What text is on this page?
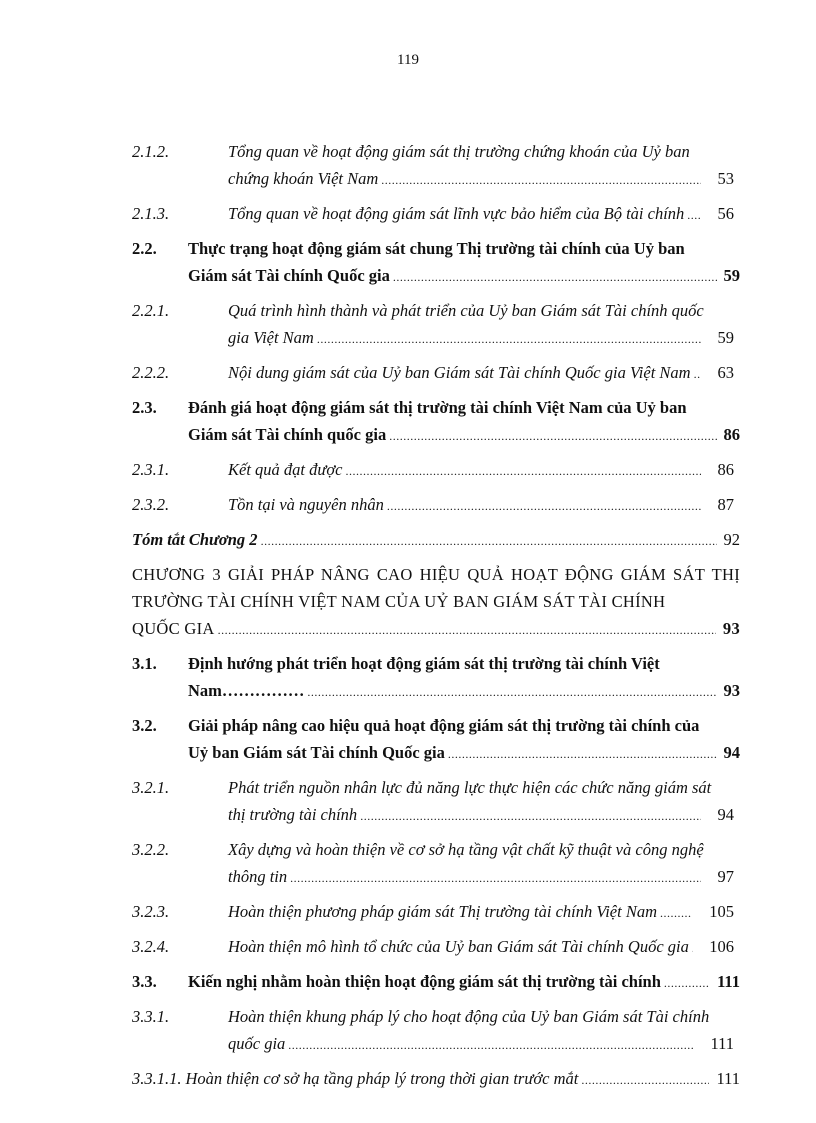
119
2.1.2.	Tổng quan về hoạt động giám sát thị trường chứng khoán của Uỷ ban
chứng khoán Việt Nam .....	53
2.1.3.	Tổng quan về hoạt động giám sát lĩnh vực bảo hiểm của Bộ tài chính .....	56
2.2. Thực trạng hoạt động giám sát chung Thị trường tài chính của Uỷ ban
Giám sát Tài chính Quốc gia .....	59
2.2.1.	Quá trình hình thành và phát triển của Uỷ ban Giám sát Tài chính quốc
gia Việt Nam .....	59
2.2.2.	Nội dung giám sát của Uỷ ban Giám sát Tài chính Quốc gia Việt Nam .....	63
2.3. Đánh giá hoạt động giám sát thị trường tài chính Việt Nam của Uỷ ban
Giám sát Tài chính quốc gia .....	86
2.3.1.	Kết quả đạt được .....	86
2.3.2.	Tồn tại và nguyên nhân .....	87
Tóm tắt Chương 2 .....	92
CHƯƠNG 3 GIẢI PHÁP NÂNG CAO HIỆU QUẢ HOẠT ĐỘNG GIÁM SÁT THỊ TRƯỜNG TÀI CHÍNH VIỆT NAM CỦA UỶ BAN GIÁM SÁT TÀI CHÍNH
QUỐC GIA .....	93
3.1. Định hướng phát triển hoạt động giám sát thị trường tài chính Việt
Nam…………… .....	93
3.2. Giải pháp nâng cao hiệu quả hoạt động giám sát thị trường tài chính của
Uỷ ban Giám sát Tài chính Quốc gia .....	94
3.2.1.	Phát triển nguồn nhân lực đủ năng lực thực hiện các chức năng giám sát
thị trường tài chính .....	94
3.2.2.	Xây dựng và hoàn thiện về cơ sở hạ tầng vật chất kỹ thuật và công nghệ
thông tin .....	97
3.2.3.	Hoàn thiện phương pháp giám sát Thị trường tài chính Việt Nam .....	105
3.2.4.	Hoàn thiện mô hình tổ chức của Uỷ ban Giám sát Tài chính Quốc gia .....	106
3.3. Kiến nghị nhằm hoàn thiện hoạt động giám sát thị trường tài chính .....	111
3.3.1.	Hoàn thiện khung pháp lý cho hoạt động của Uỷ ban Giám sát Tài chính
quốc gia .....	111
3.3.1.1. Hoàn thiện cơ sở hạ tầng pháp lý trong thời gian trước mắt .....	111
